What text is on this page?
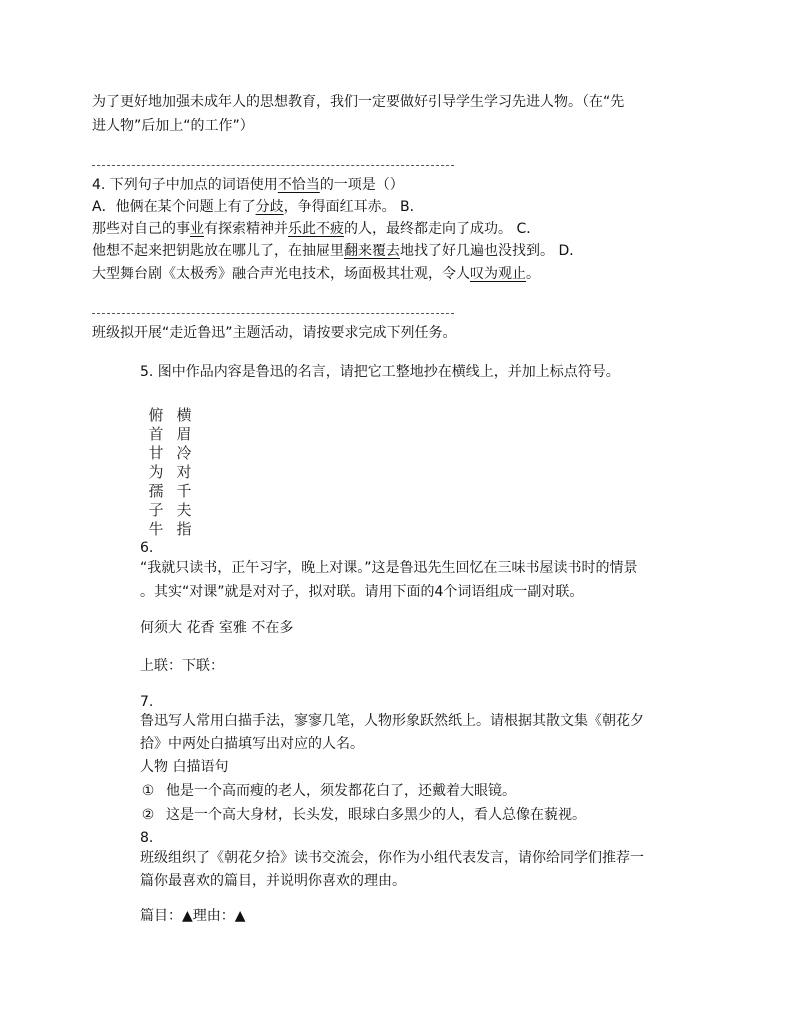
为了更好地加强未成年人的思想教育，我们一定要做好引导学生学习先进人物。（在“先
进人物”后加上“的工作”）
4. 下列句子中加点的词语使用不恰当的一项是（）
A．他俩在某个问题上有了分歧，争得面红耳赤。 B．
那些对自己的事业有探索精神并乐此不疲的人，最终都走向了成功。 C．
他想不起来把钥匙放在哪儿了，在抽屉里翻来覆去地找了好几遍也没找到。 D．
大型舞台剧《太极秀》融合声光电技术，场面极其壮观，令人叹为观止。
班级拟开展“走近鲁迅”主题活动，请按要求完成下列任务。
5. 图中作品内容是鲁迅的名言，请把它工整地抄在横线上，并加上标点符号。
横
眉
冷
对
千
夫
指
俯
首
甘
为
孺
子
牛
6.
“我就只读书，正午习字，晚上对课。”这是鲁迅先生回忆在三味书屋读书时的情景
。其实“对课”就是对对子，拟对联。请用下面的4个词语组成一副对联。
何须大 花香 室雅 不在多
上联：下联：
7.
鲁迅写人常用白描手法，寥寥几笔，人物形象跃然纸上。请根据其散文集《朝花夕
拾》中两处白描填写出对应的人名。
人物 白描语句
① 他是一个高而瘦的老人，须发都花白了，还戴着大眼镜。
② 这是一个高大身材，长头发，眼球白多黑少的人，看人总像在藐视。
8.
班级组织了《朝花夕拾》读书交流会，你作为小组代表发言，请你给同学们推荐一
篇你最喜欢的篇目，并说明你喜欢的理由。
篇目：▲理由：▲
